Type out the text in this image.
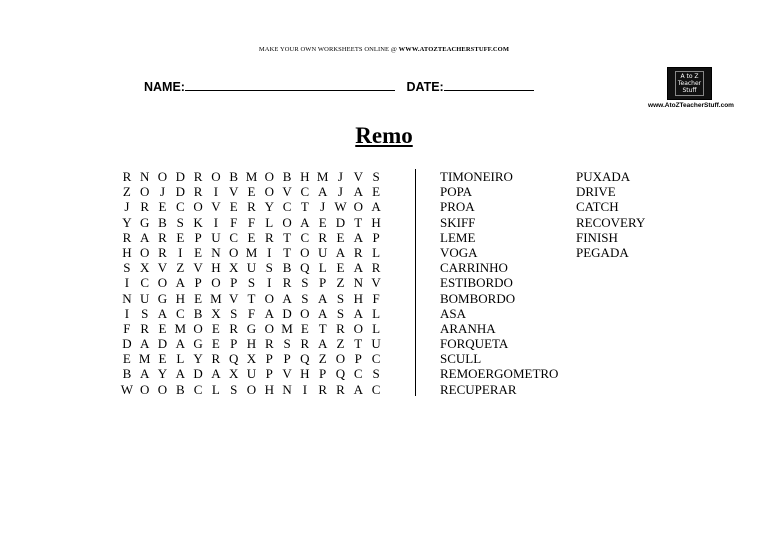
MAKE YOUR OWN WORKSHEETS ONLINE @ WWW.ATOZTEACHERSTUFF.COM
NAME:	DATE:
A to Z
Teacher
Stuff
www.AtoZTeacherStuff.com
Remo
R N O D R O B M O B H M J V S
Z O J D R I V E O V C A J A E
J R E C O V E R Y C T J W O A
Y G B S K I F F L O A E D T H
R A R E P U C E R T C R E A P
H O R I E N O M I T O U A R L
S X V Z V H X U S B Q L E A R
I C O A P O P S I R S P Z N V
N U G H E M V T O A S A S H F
I S A C B X S F A D O A S A L
F R E M O E R G O M E T R O L
D A D A G E P H R S R A Z T U
E M E L Y R Q X P P Q Z O P C
B A Y A D A X U P V H P Q C S
W O O B C L S O H N I R R A C
TIMONEIRO
POPA
PROA
SKIFF
LEME
VOGA
CARRINHO
ESTIBORDO
BOMBORDO
ASA
ARANHA
FORQUETA
SCULL
REMOERGOMETRO
RECUPERAR
PUXADA
DRIVE
CATCH
RECOVERY
FINISH
PEGADA
